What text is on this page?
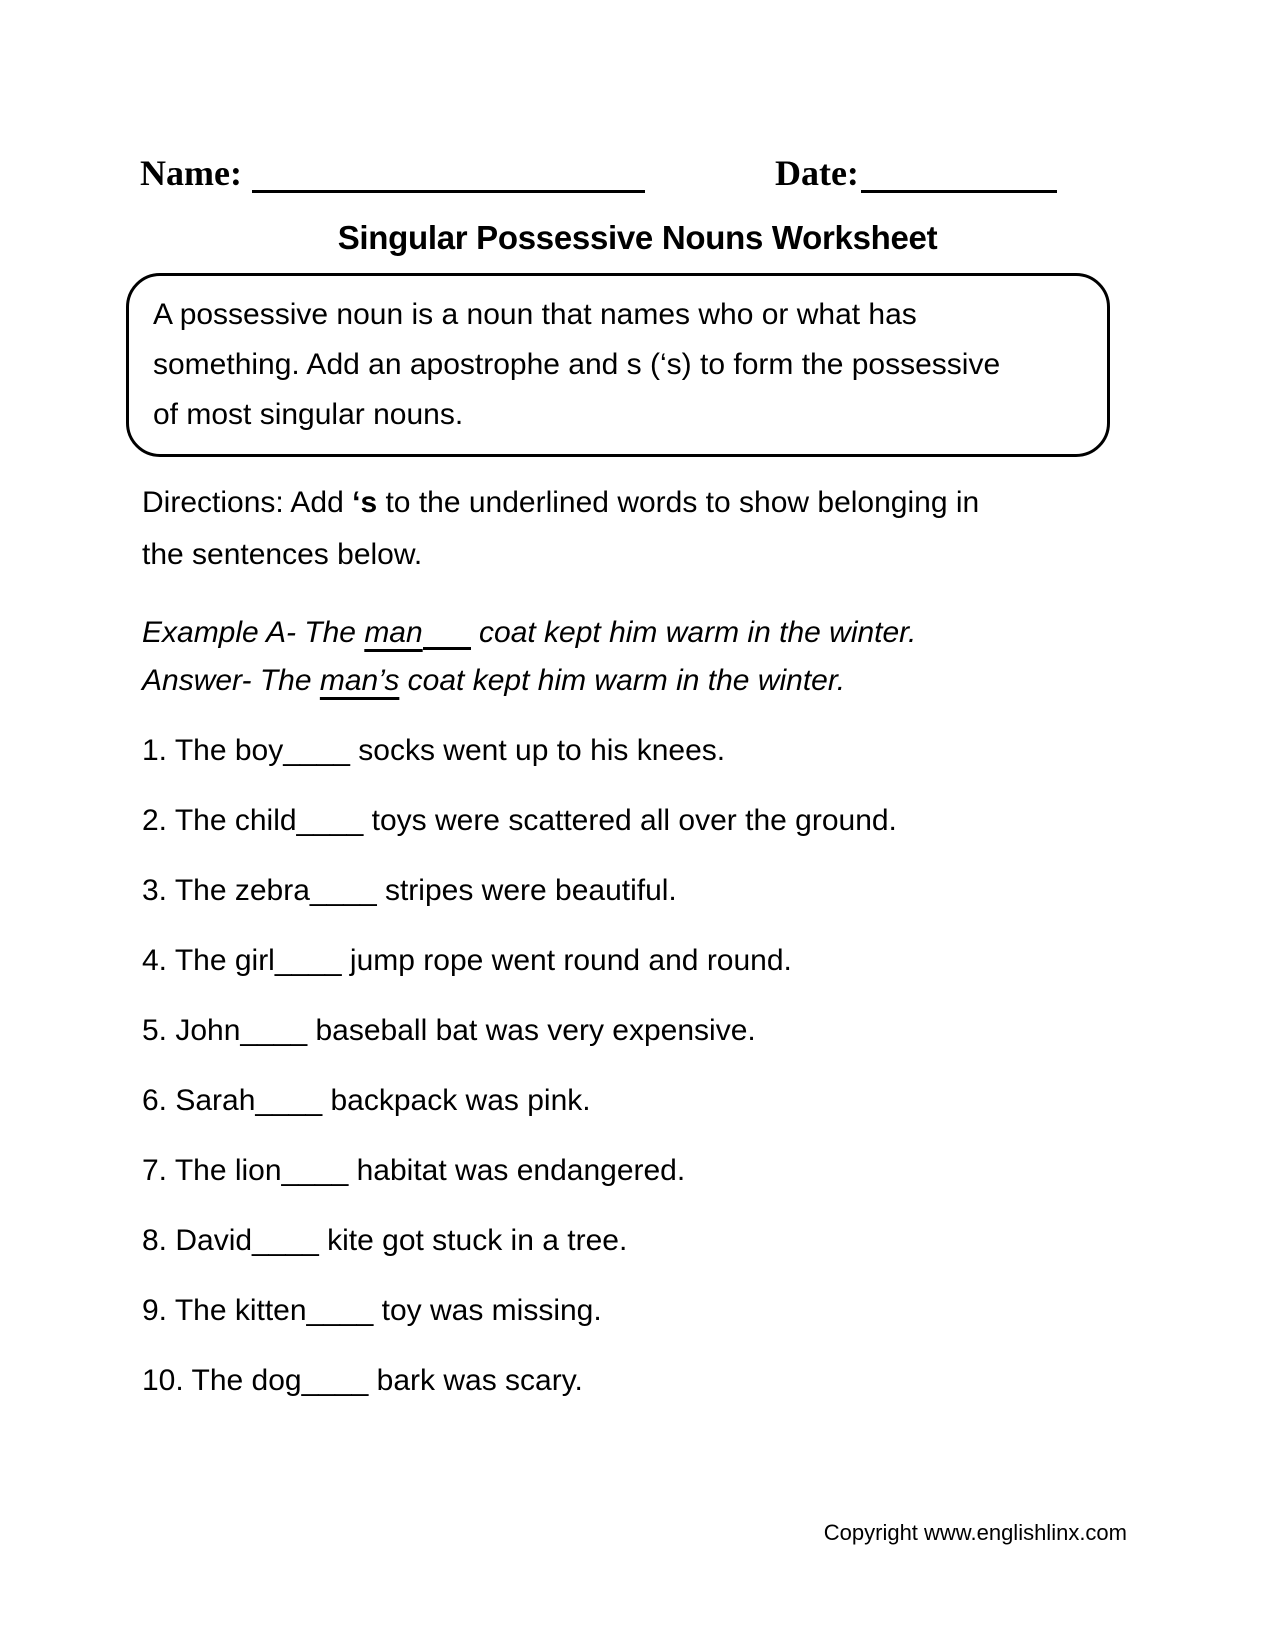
Name:	Date:
Singular Possessive Nouns Worksheet

A possessive noun is a noun that names who or what has

something. Add an apostrophe and s (‘s) to form the possessive

of most singular nouns.

Directions: Add ‘s to the underlined words to show belonging in

the sentences below.

Example A- The man coat kept him warm in the winter.

Answer- The man’s coat kept him warm in the winter.

1. The boy____ socks went up to his knees.

2. The child____ toys were scattered all over the ground.

3. The zebra____ stripes were beautiful.

4. The girl____ jump rope went round and round.

5. John____ baseball bat was very expensive.

6. Sarah____ backpack was pink.

7. The lion____ habitat was endangered.

8. David____ kite got stuck in a tree.

9. The kitten____ toy was missing.

10. The dog____ bark was scary.

Copyright www.englishlinx.com
